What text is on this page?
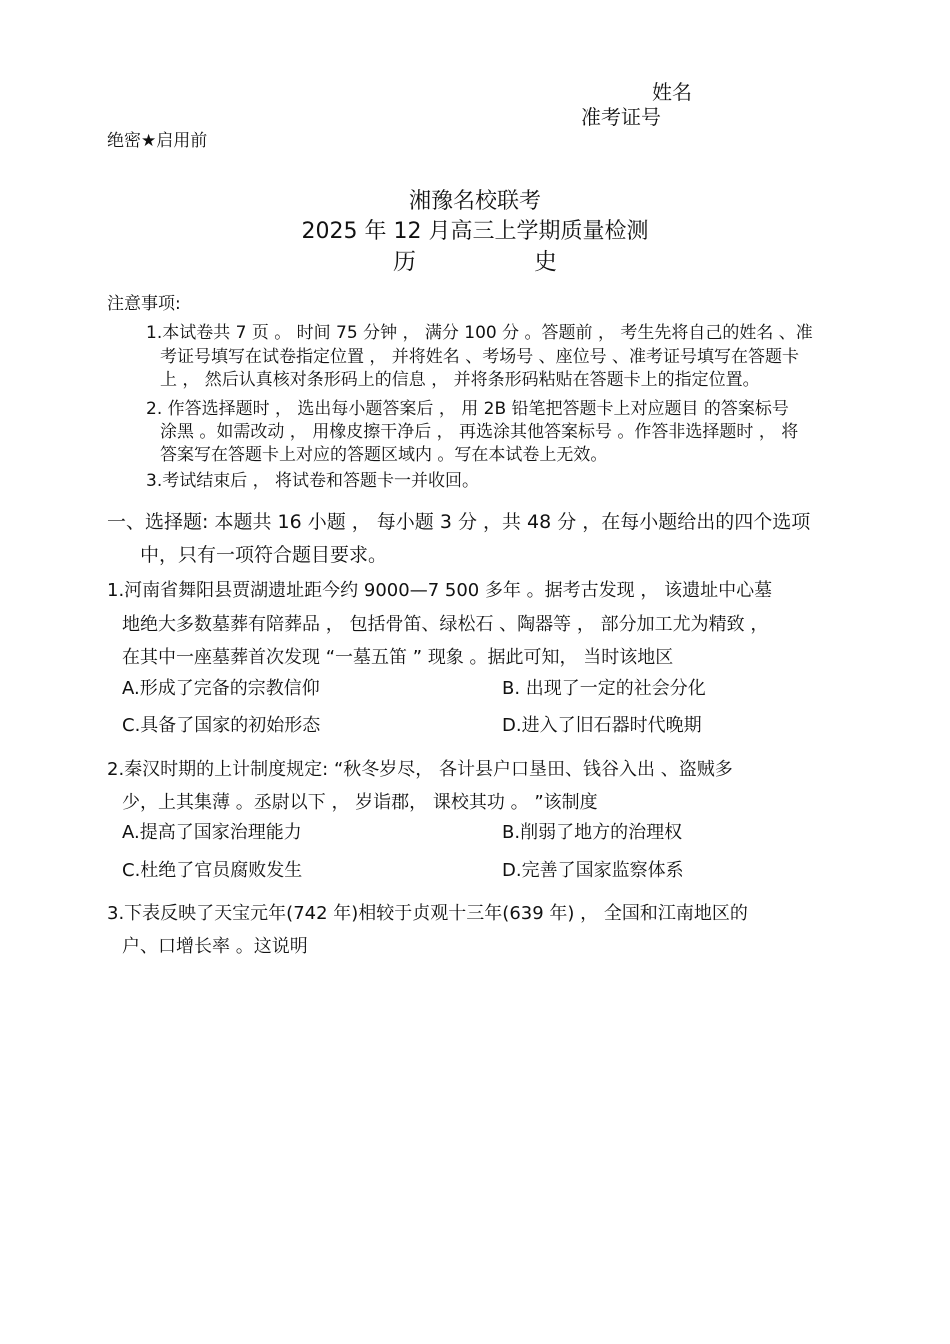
姓名
准考证号
绝密★启用前
湘豫名校联考
2025 年 12 月高三上学期质量检测
历	史
注意事项:
1.本试卷共 7 页 。 时间 75 分钟 ， 满分 100 分 。答题前 ， 考生先将自己的姓名 、准
考证号填写在试卷指定位置 ， 并将姓名 、考场号 、座位号 、准考证号填写在答题卡
上 ， 然后认真核对条形码上的信息 ， 并将条形码粘贴在答题卡上的指定位置。
2. 作答选择题时 ， 选出每小题答案后 ， 用 2B 铅笔把答题卡上对应题目 的答案标号
涂黑 。如需改动 ， 用橡皮擦干净后 ， 再选涂其他答案标号 。作答非选择题时 ， 将
答案写在答题卡上对应的答题区域内 。写在本试卷上无效。
3.考试结束后 ， 将试卷和答题卡一并收回。
一、选择题: 本题共 16 小题 ， 每小题 3 分 ，共 48 分 ，在每小题给出的四个选项
中，只有一项符合题目要求。
1.河南省舞阳县贾湖遗址距今约 9000—7 500 多年 。据考古发现 ， 该遗址中心墓
地绝大多数墓葬有陪葬品 ， 包括骨笛、绿松石 、陶器等 ， 部分加工尤为精致 ，
在其中一座墓葬首次发现 “一墓五笛 ” 现象 。据此可知， 当时该地区
A.形成了完备的宗教信仰	B. 出现了一定的社会分化
C.具备了国家的初始形态	D.进入了旧石器时代晚期
2.秦汉时期的上计制度规定: “秋冬岁尽， 各计县户口垦田、钱谷入出 、盗贼多
少，上其集薄 。丞尉以下 ， 岁诣郡， 课校其功 。 ”该制度
A.提高了国家治理能力	B.削弱了地方的治理权
C.杜绝了官员腐败发生	D.完善了国家监察体系
3.下表反映了天宝元年(742 年)相较于贞观十三年(639 年) ， 全国和江南地区的
户、口增长率 。这说明
